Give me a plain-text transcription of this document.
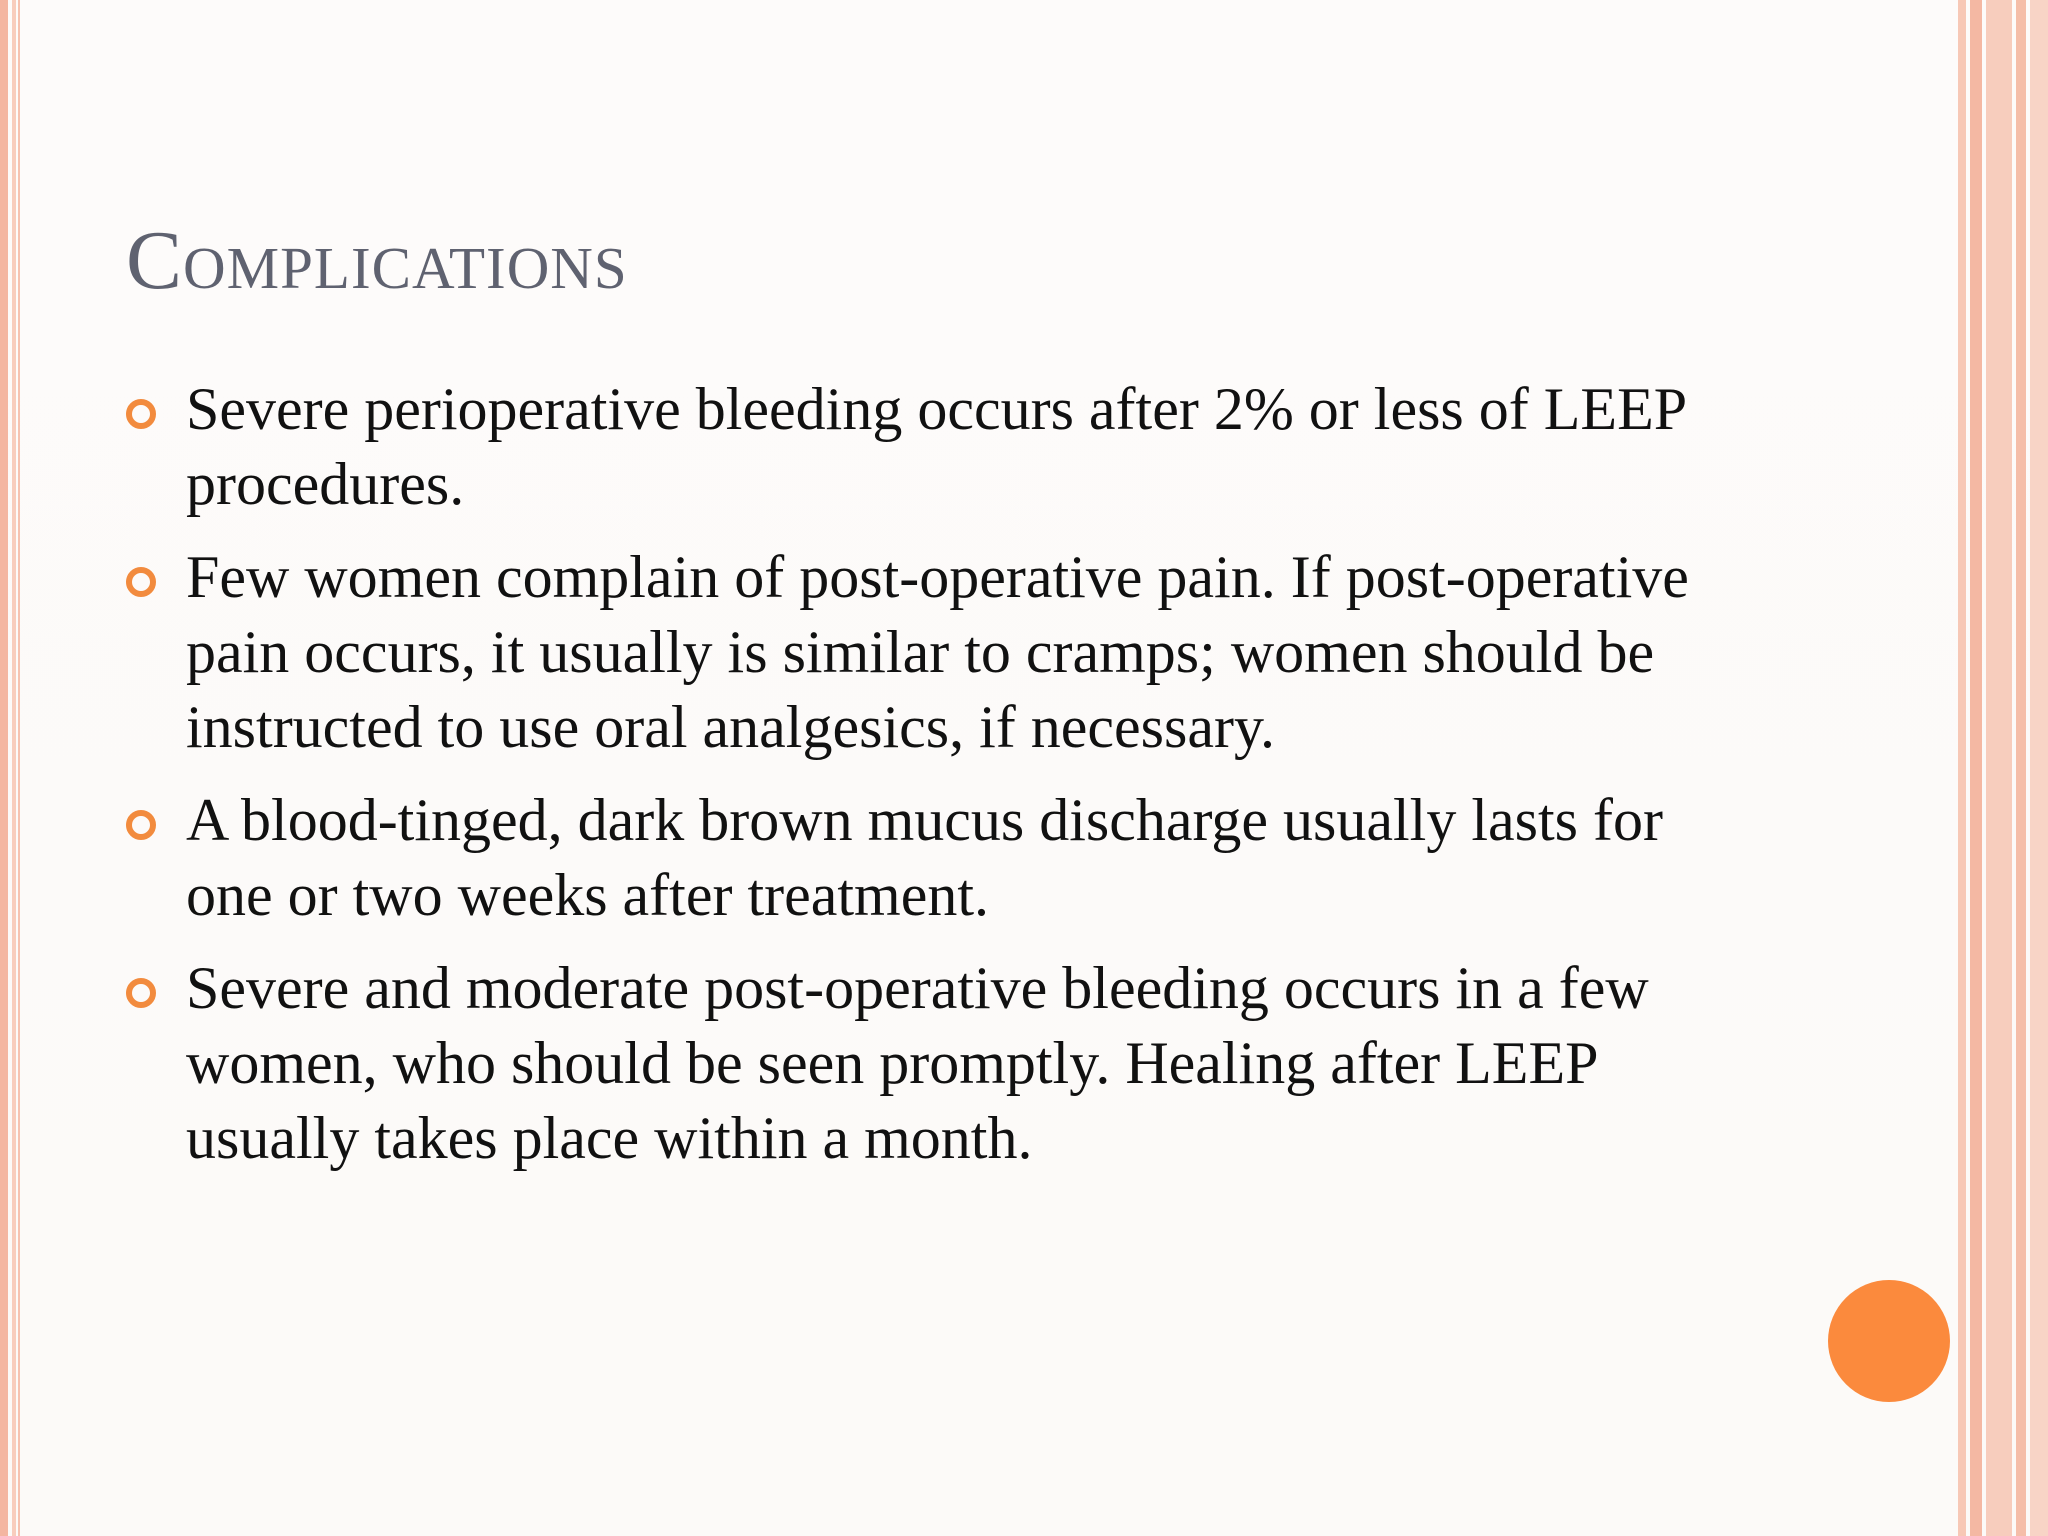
Complications
Severe perioperative bleeding occurs after 2% or less of LEEP procedures.
Few women complain of post-operative pain. If post-operative pain occurs, it usually is similar to cramps; women should be instructed to use oral analgesics, if necessary.
A blood-tinged, dark brown mucus discharge usually lasts for one or two weeks after treatment.
Severe and moderate post-operative bleeding occurs in a few women, who should be seen promptly. Healing after LEEP usually takes place within a month.
